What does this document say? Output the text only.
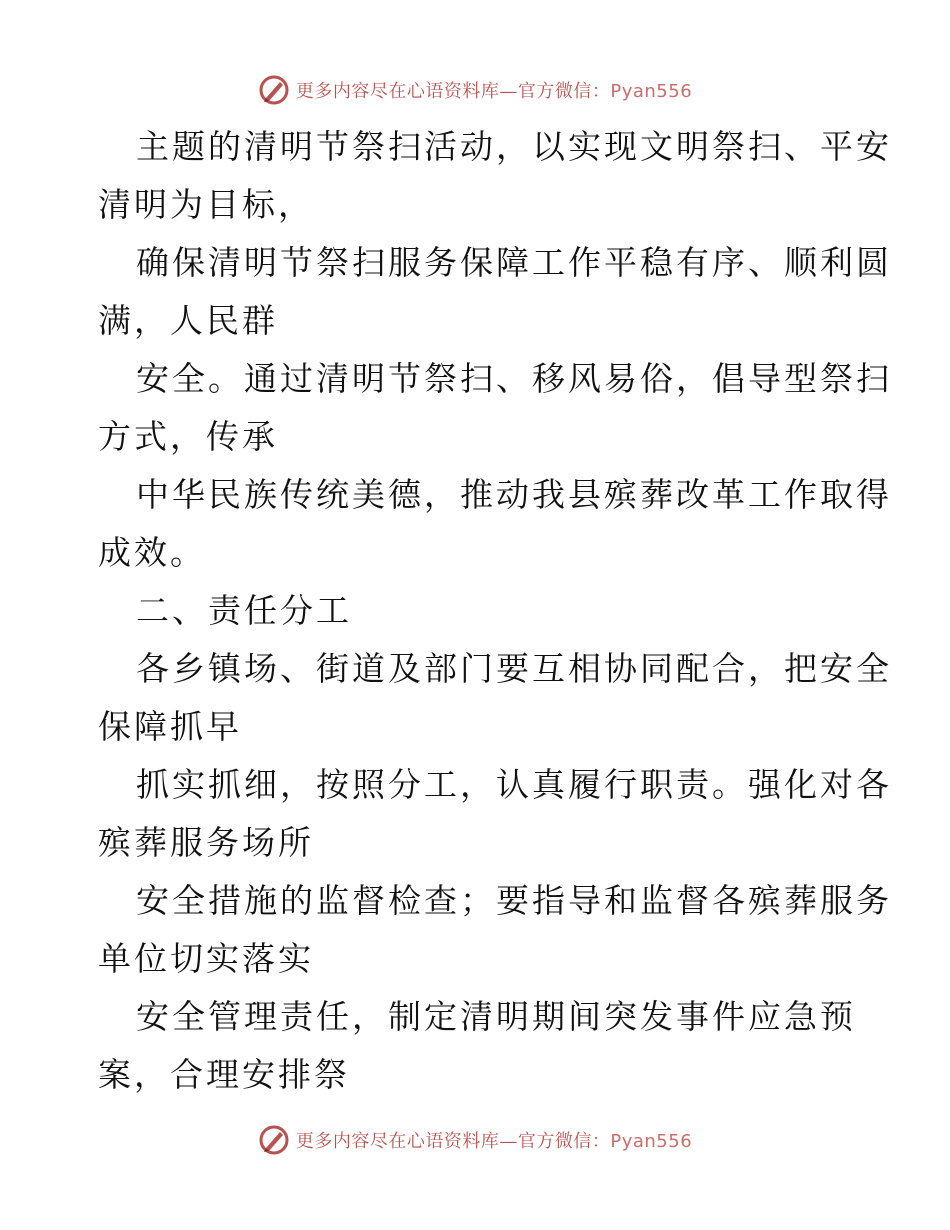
更多内容尽在心语资料库—官方微信：Pyan556
主题的清明节祭扫活动，以实现文明祭扫、平安
清明为目标，
确保清明节祭扫服务保障工作平稳有序、顺利圆
满，人民群
安全。通过清明节祭扫、移风易俗，倡导型祭扫
方式，传承
中华民族传统美德，推动我县殡葬改革工作取得
成效。
二、责任分工
各乡镇场、街道及部门要互相协同配合，把安全
保障抓早
抓实抓细，按照分工，认真履行职责。强化对各
殡葬服务场所
安全措施的监督检查；要指导和监督各殡葬服务
单位切实落实
安全管理责任，制定清明期间突发事件应急预
案，合理安排祭
更多内容尽在心语资料库—官方微信：Pyan556
